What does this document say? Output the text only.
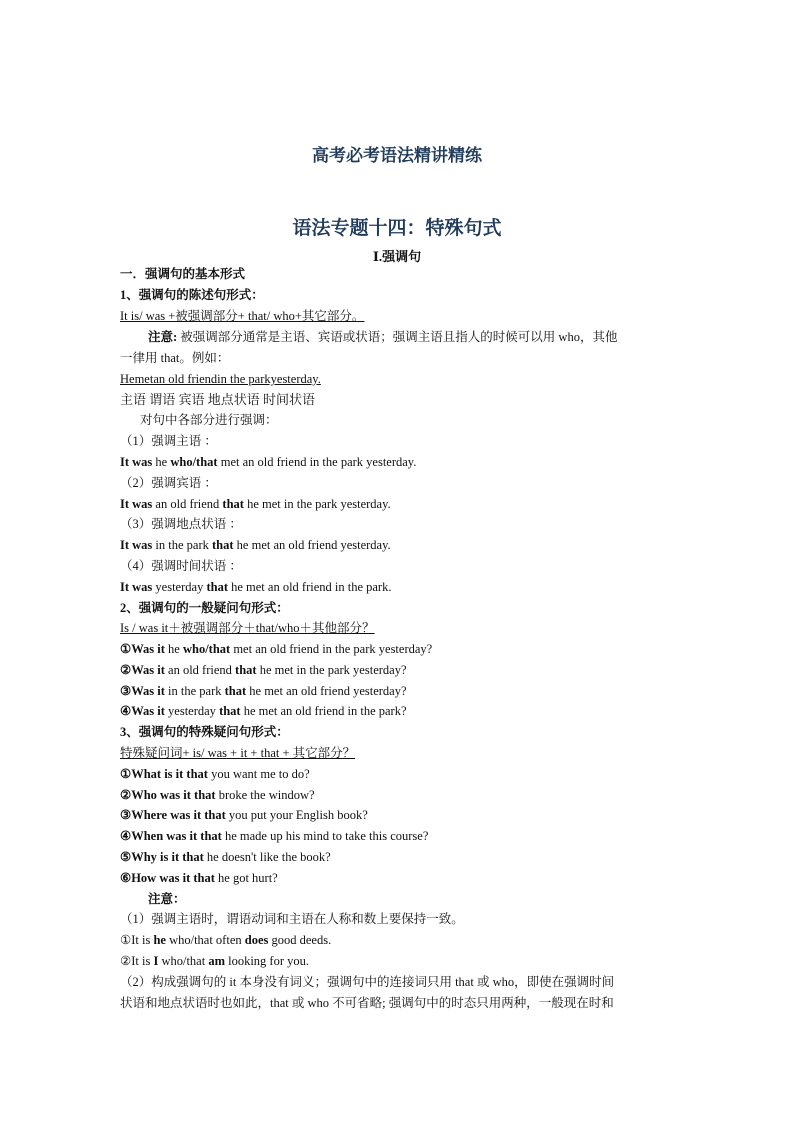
高考必考语法精讲精练
语法专题十四：特殊句式
Ⅰ.强调句
一．强调句的基本形式
1、强调句的陈述句形式：
It is/ was +被强调部分+ that/ who+其它部分。
注意: 被强调部分通常是主语、宾语或状语；强调主语且指人的时候可以用 who，其他
一律用 that。例如：
Hemetan old friendin the parkyesterday.
主语 谓语 宾语 地点状语 时间状语
对句中各部分进行强调：
（1）强调主语 ：
It was he who/that met an old friend in the park yesterday.
（2）强调宾语 ：
It was an old friend that he met in the park yesterday.
（3）强调地点状语 ：
It was in the park that he met an old friend yesterday.
（4）强调时间状语 ：
It was yesterday that he met an old friend in the park.
2、强调句的一般疑问句形式：
Is / was it＋被强调部分＋that/who＋其他部分？
①Was it he who/that met an old friend in the park yesterday?
②Was it an old friend that he met in the park yesterday?
③Was it in the park that he met an old friend yesterday?
④Was it yesterday that he met an old friend in the park?
3、强调句的特殊疑问句形式：
特殊疑问词+ is/ was + it + that + 其它部分？
①What is it that you want me to do?
②Who was it that broke the window?
③Where was it that you put your English book?
④When was it that he made up his mind to take this course?
⑤Why is it that he doesn't like the book?
⑥How was it that he got hurt?
注意：
（1）强调主语时，谓语动词和主语在人称和数上要保持一致。
①It is he who/that often does good deeds.
②It is I who/that am looking for you.
（2）构成强调句的 it 本身没有词义；强调句中的连接词只用 that 或 who，即使在强调时间
状语和地点状语时也如此，that 或 who 不可省略; 强调句中的时态只用两种，一般现在时和
